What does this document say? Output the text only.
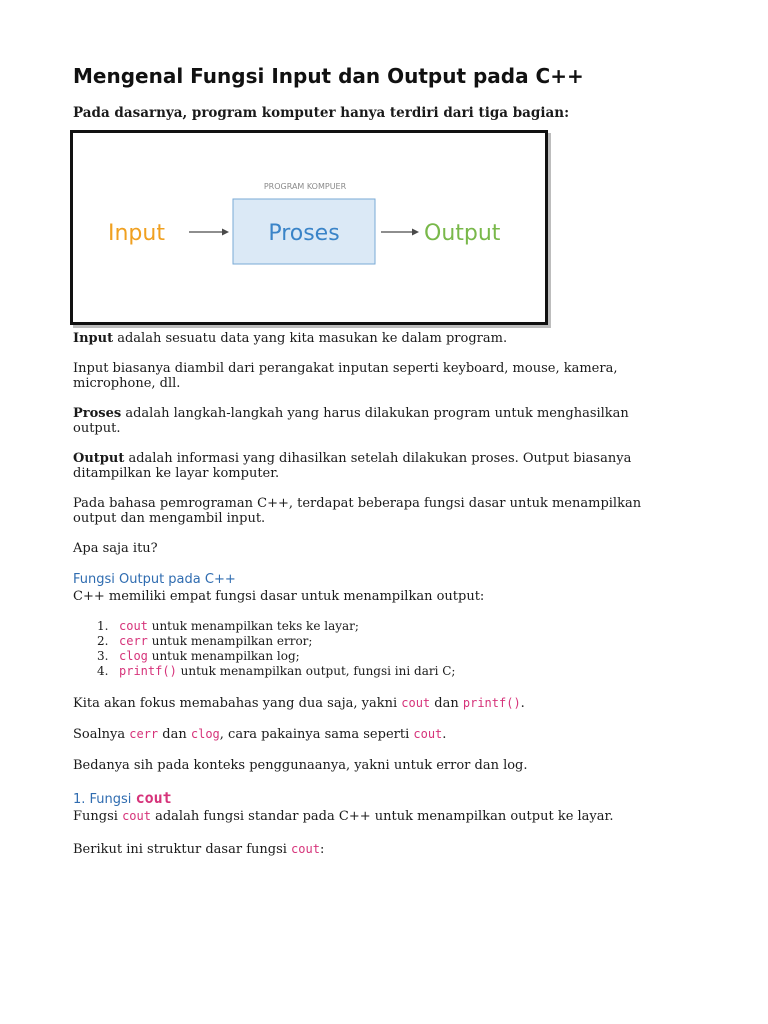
Mengenal Fungsi Input dan Output pada C++

Pada dasarnya, program komputer hanya terdiri dari tiga bagian:

PROGRAM KOMPUER
Input	Proses	Output

Input adalah sesuatu data yang kita masukan ke dalam program.

Input biasanya diambil dari perangakat inputan seperti keyboard, mouse, kamera, microphone, dll.

Proses adalah langkah-langkah yang harus dilakukan program untuk menghasilkan output.

Output adalah informasi yang dihasilkan setelah dilakukan proses. Output biasanya ditampilkan ke layar komputer.

Pada bahasa pemrograman C++, terdapat beberapa fungsi dasar untuk menampilkan output dan mengambil input.

Apa saja itu?

Fungsi Output pada C++

C++ memiliki empat fungsi dasar untuk menampilkan output:

1. cout untuk menampilkan teks ke layar;
2. cerr untuk menampilkan error;
3. clog untuk menampilkan log;
4. printf() untuk menampilkan output, fungsi ini dari C;

Kita akan fokus memabahas yang dua saja, yakni cout dan printf().

Soalnya cerr dan clog, cara pakainya sama seperti cout.

Bedanya sih pada konteks penggunaanya, yakni untuk error dan log.

1. Fungsi cout

Fungsi cout adalah fungsi standar pada C++ untuk menampilkan output ke layar.

Berikut ini struktur dasar fungsi cout:
